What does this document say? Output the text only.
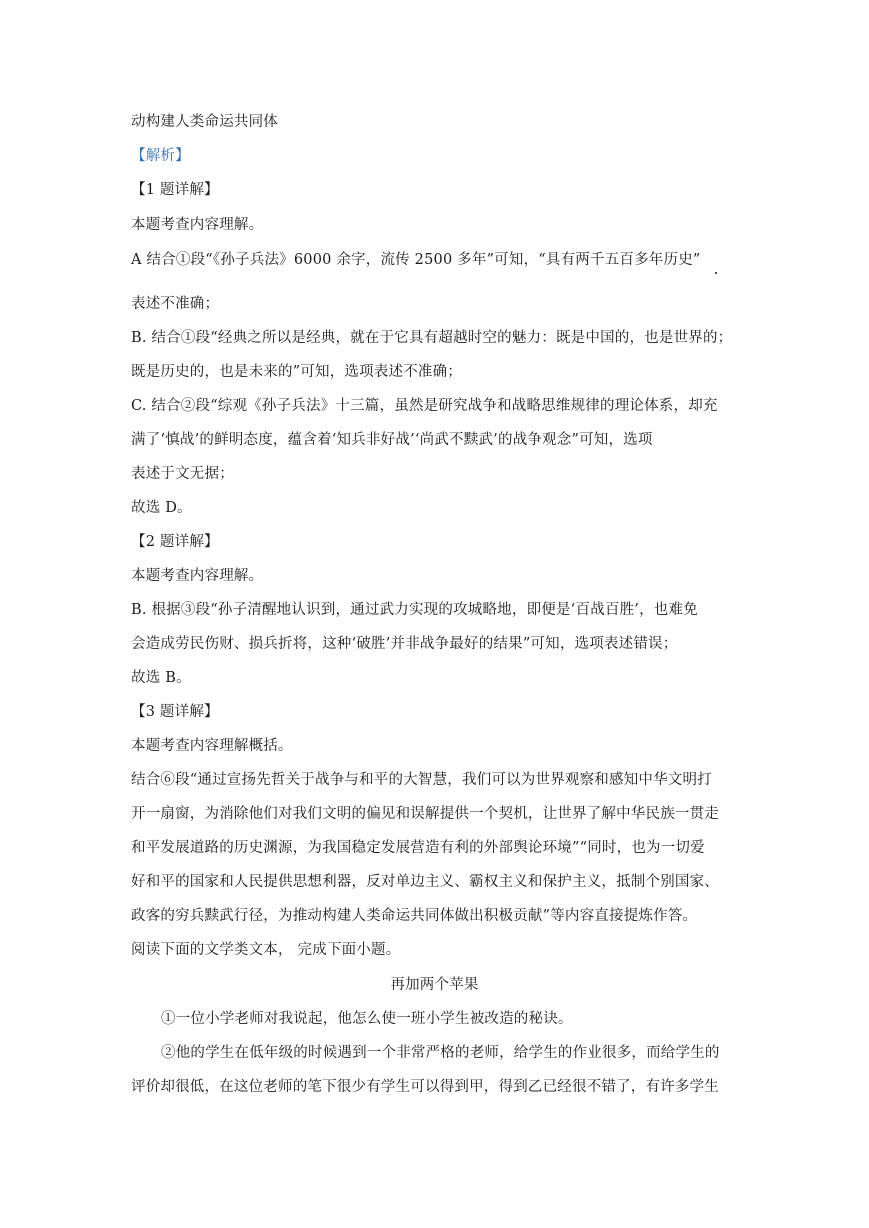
动构建人类命运共同体
【解析】
【1 题详解】
本题考查内容理解。
A 结合①段“《孙子兵法》6000 余字，流传 2500 多年”可知，“具有两千五百多年历史”
表述不准确；
B. 结合①段“经典之所以是经典，就在于它具有超越时空的魅力：既是中国的，也是世界的；
既是历史的，也是未来的”可知，选项表述不准确；
C. 结合②段“综观《孙子兵法》十三篇，虽然是研究战争和战略思维规律的理论体系，却充
满了‘慎战’的鲜明态度，蕴含着‘知兵非好战’‘尚武不黩武’的战争观念”可知，选项
表述于文无据；
故选 D。
【2 题详解】
本题考查内容理解。
B. 根据③段“孙子清醒地认识到，通过武力实现的攻城略地，即便是‘百战百胜’，也难免
会造成劳民伤财、损兵折将，这种‘破胜’并非战争最好的结果”可知，选项表述错误；
故选 B。
【3 题详解】
本题考查内容理解概括。
结合⑥段“通过宣扬先哲关于战争与和平的大智慧，我们可以为世界观察和感知中华文明打
开一扇窗，为消除他们对我们文明的偏见和误解提供一个契机，让世界了解中华民族一贯走
和平发展道路的历史渊源，为我国稳定发展营造有利的外部舆论环境”“同时，也为一切爱
好和平的国家和人民提供思想利器，反对单边主义、霸权主义和保护主义，抵制个别国家、
政客的穷兵黩武行径，为推动构建人类命运共同体做出积极贡献”等内容直接提炼作答。
阅读下面的文学类文本， 完成下面小题。
再加两个苹果
①一位小学老师对我说起，他怎么使一班小学生被改造的秘诀。
②他的学生在低年级的时候遇到一个非常严格的老师，给学生的作业很多，而给学生的
评价却很低，在这位老师的笔下很少有学生可以得到甲，得到乙已经很不错了，有许多学生
